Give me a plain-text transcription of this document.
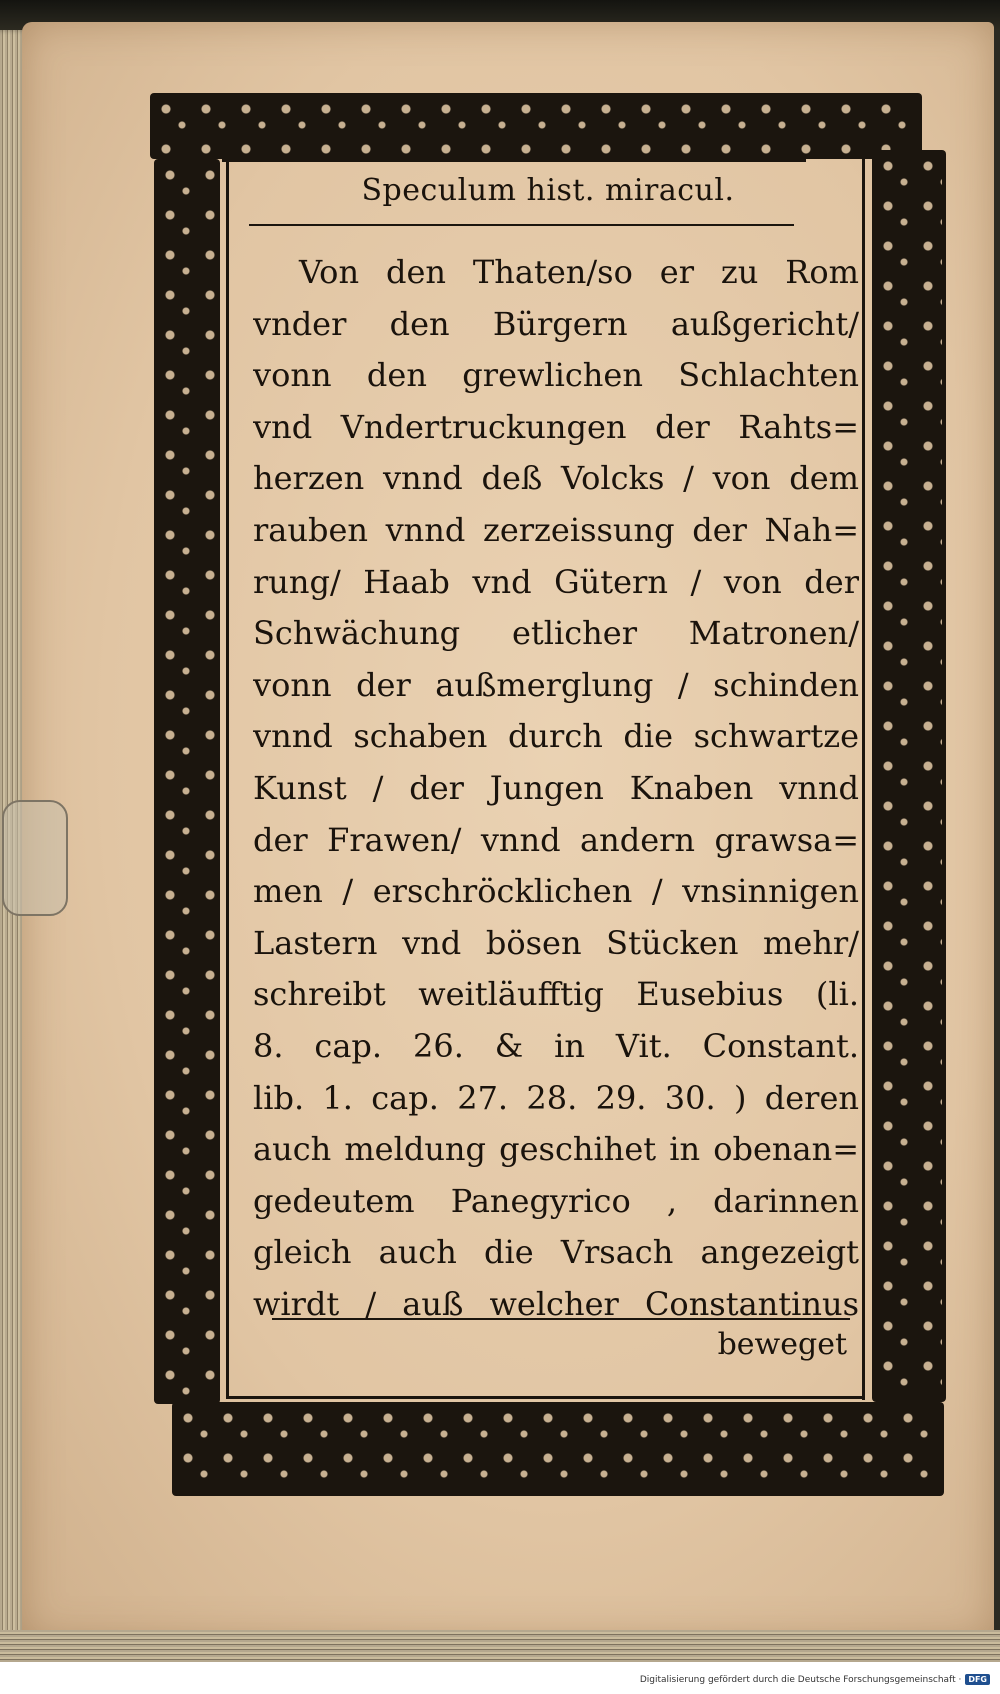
Speculum hist. miracul.
Von den Thaten/so er zu Rom
vnder den Bürgern außgericht/
vonn den grewlichen Schlachten
vnd Vndertruckungen der Rahts=
herzen vnnd deß Volcks / von dem
rauben vnnd zerzeissung der Nah=
rung/ Haab vnd Gütern / von der
Schwächung etlicher Matronen/
vonn der außmerglung / schinden
vnnd schaben durch die schwartze
Kunst / der Jungen Knaben vnnd
der Frawen/ vnnd andern grawsa=
men / erschröcklichen / vnsinnigen
Lastern vnd bösen Stücken mehr/
schreibt weitläufftig Eusebius (li.
8. cap. 26. & in Vit. Constant.
lib. 1. cap. 27. 28. 29. 30. ) deren
auch meldung geschihet in obenan=
gedeutem Panegyrico , darinnen
gleich auch die Vrsach angezeigt
wirdt / auß welcher Constantinus
beweget
Digitalisierung gefördert durch die Deutsche Forschungsgemeinschaft · DFG
